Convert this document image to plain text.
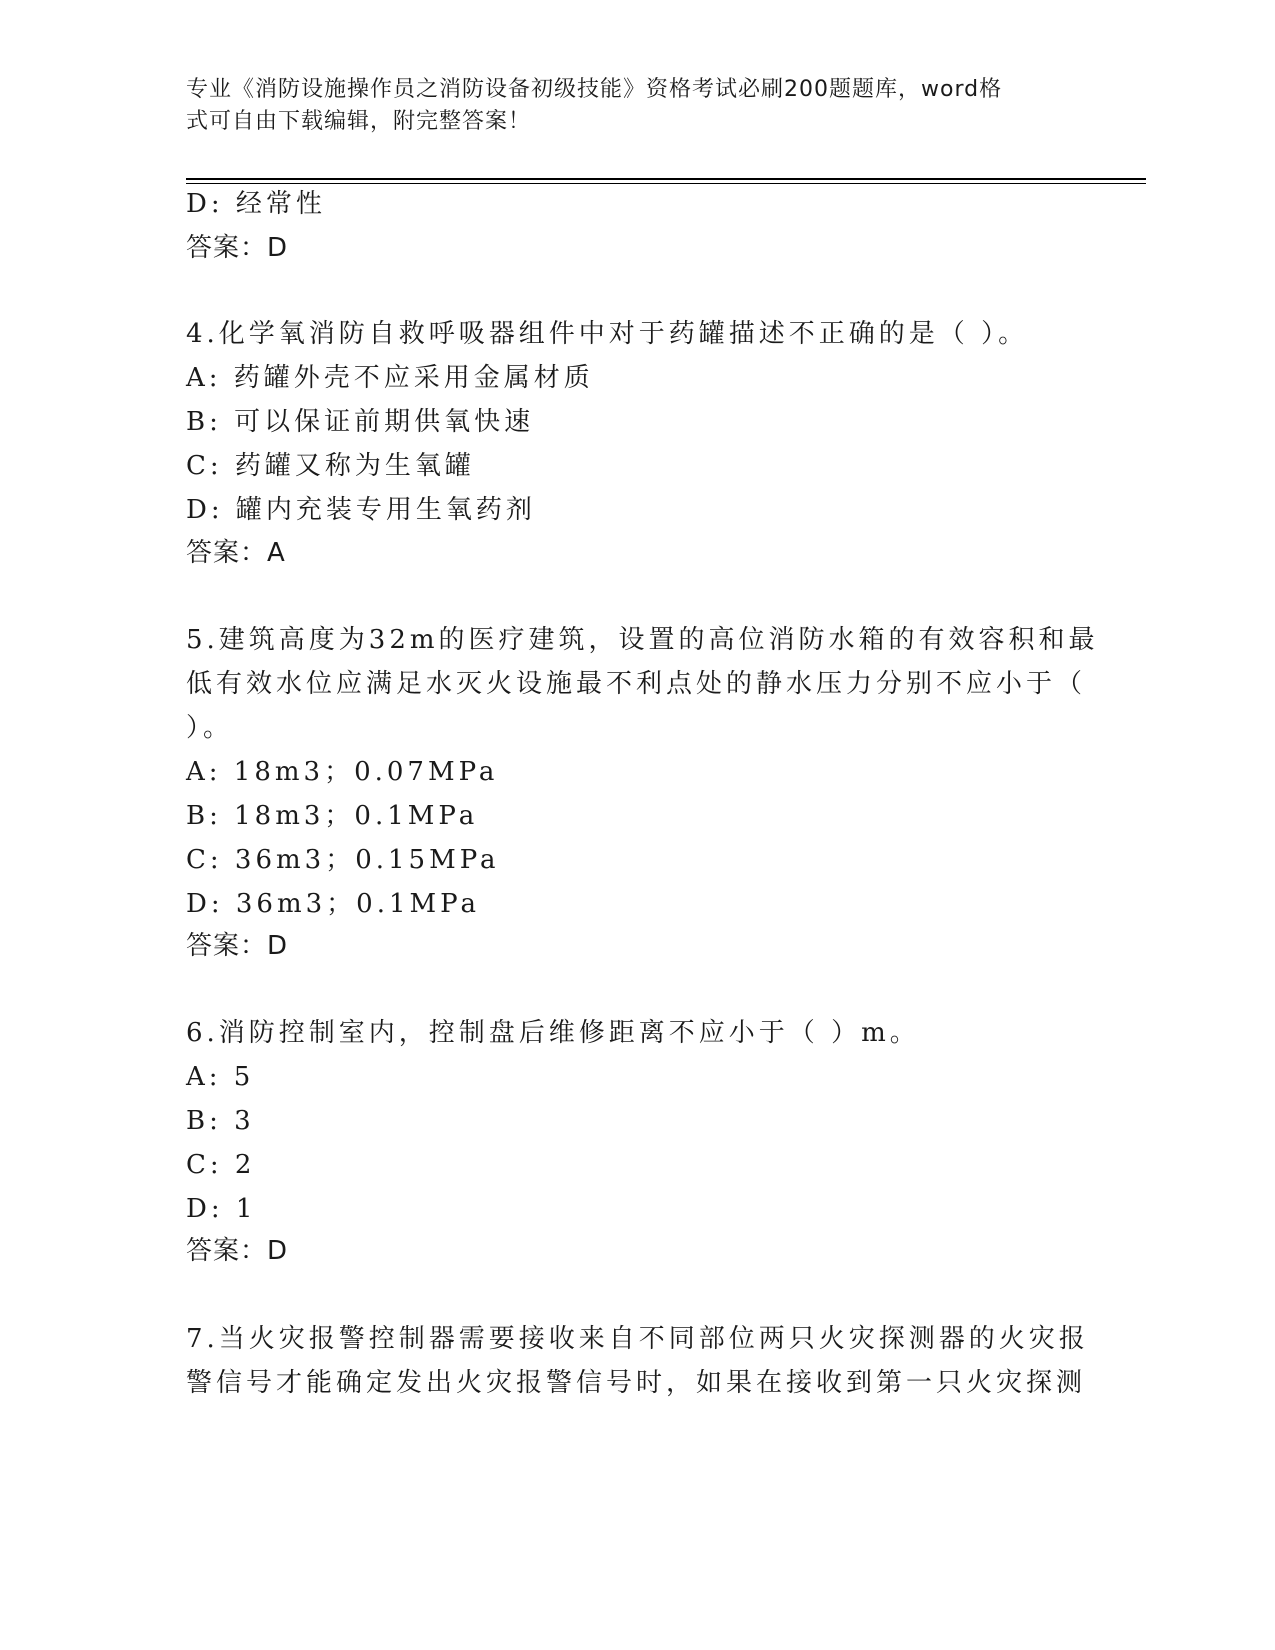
专业《消防设施操作员之消防设备初级技能》资格考试必刷200题题库，word格
式可自由下载编辑，附完整答案！
D: 经常性
答案：D
4.化学氧消防自救呼吸器组件中对于药罐描述不正确的是（ ）。
A: 药罐外壳不应采用金属材质
B: 可以保证前期供氧快速
C: 药罐又称为生氧罐
D: 罐内充装专用生氧药剂
答案：A
5.建筑高度为32m的医疗建筑，设置的高位消防水箱的有效容积和最
低有效水位应满足水灭火设施最不利点处的静水压力分别不应小于（
）。
A: 18m3；0.07MPa
B: 18m3；0.1MPa
C: 36m3；0.15MPa
D: 36m3；0.1MPa
答案：D
6.消防控制室内，控制盘后维修距离不应小于（ ）m。
A: 5
B: 3
C: 2
D: 1
答案：D
7.当火灾报警控制器需要接收来自不同部位两只火灾探测器的火灾报
警信号才能确定发出火灾报警信号时，如果在接收到第一只火灾探测
